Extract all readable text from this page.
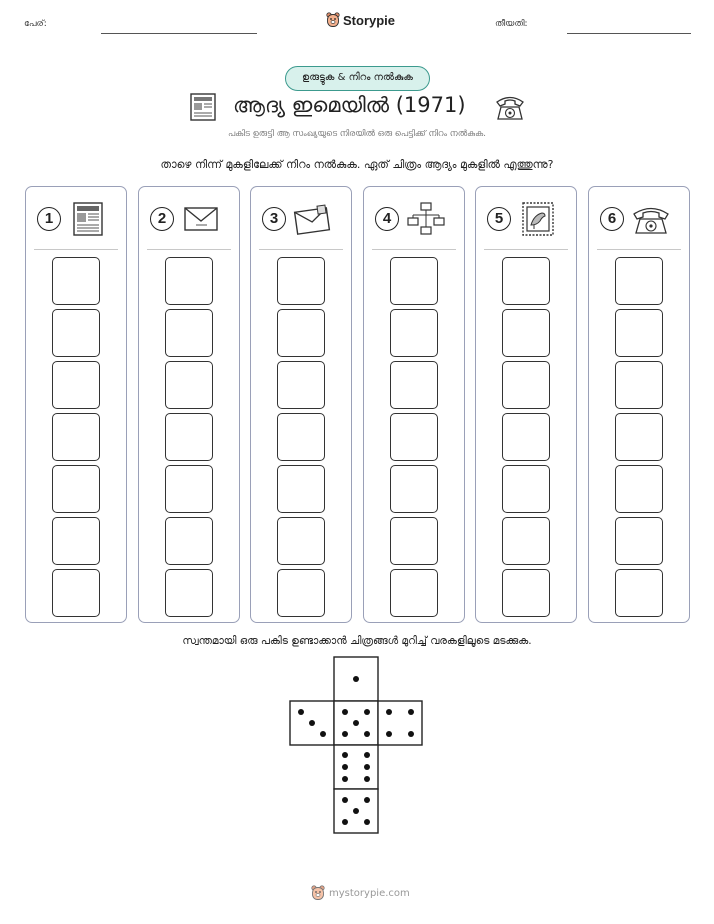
പേര്:	Storypie	തീയതി:
ഉരുട്ടുക & നിറം നൽകുക
ആദ്യ ഇമെയിൽ (1971)
പകിട ഉരുട്ടി ആ സംഖ്യയുടെ നിരയിൽ ഒരു പെട്ടിക്ക് നിറം നൽകുക.
താഴെ നിന്ന് മുകളിലേക്ക് നിറം നൽകുക. ഏത് ചിത്രം ആദ്യം മുകളിൽ എത്തുന്നു?
1	2	3	4	5	6
സ്വന്തമായി ഒരു പകിട ഉണ്ടാക്കാൻ ചിത്രങ്ങൾ മുറിച്ച് വരകളിലൂടെ മടക്കുക.
mystorypie.com
